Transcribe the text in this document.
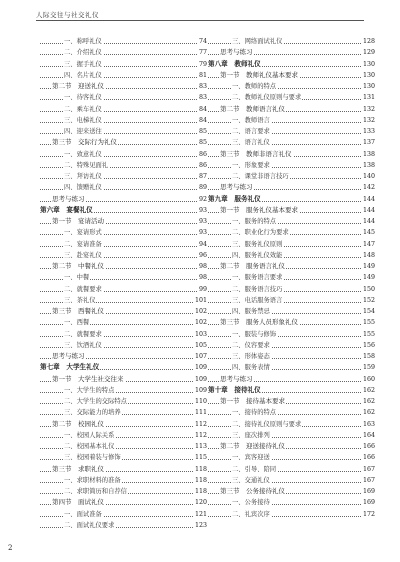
人际交往与社交礼仪
一、称呼礼仪	74
二、介绍礼仪	77
三、握手礼仪	79
四、名片礼仪	81
第二节　迎送礼仪	83
一、待客礼仪	83
二、乘车礼仪	84
三、电梯礼仪	84
四、迎来送往	85
第三节　交际行为礼仪	85
一、致意礼仪	86
二、特殊见面礼	86
三、拜访礼仪	87
四、馈赠礼仪	89
思考与练习	92
第六章　宴餐礼仪	93
第一节　宴请活动	93
一、宴请形式	93
二、宴请准备	94
三、赴宴礼仪	96
第二节　中餐礼仪	98
一、中餐	98
二、就餐要求	99
三、茶礼仪	101
第三节　西餐礼仪	102
一、西餐	102
二、就餐要求	103
三、饮酒礼仪	105
思考与练习	107
第七章　大学生礼仪	109
第一节　大学生社交往来	109
一、大学生的特点	109
二、大学生的交际特点	110
三、交际能力的培养	111
第二节　校园礼仪	112
一、校园人际关系	112
二、校园基本礼仪	113
三、校园着装与修饰	115
第三节　求职礼仪	118
一、求职材料的准备	118
二、求职简历和自荐信	118
第四节　面试礼仪	120
一、面试准备	121
二、面试礼仪要求	123
三、网络面试礼仪	128
思考与练习	129
第八章　教师礼仪	130
第一节　教师礼仪基本要求	130
一、教师的特点	130
二、教师礼仪原则与要求	131
第二节　教师语言礼仪	132
一、教师语言	132
二、语言要求	133
三、语言礼仪	137
第三节　教师非语言礼仪	138
一、形象要求	138
二、课堂非语言技巧	140
思考与练习	142
第九章　服务礼仪	144
第一节　服务礼仪基本要求	144
一、服务的特点	144
二、职业化行为要求	145
三、服务礼仪原则	147
四、服务礼仪效能	148
第二节　服务语言礼仪	149
一、服务语言要求	149
二、服务语言技巧	150
三、电话服务语言	152
四、服务禁忌	154
第三节　服务人员形象礼仪	155
一、服装与修饰	155
二、仪容要求	156
三、形体姿态	158
四、服务表情	159
思考与练习	160
第十章　接待礼仪	162
第一节　接待基本要求	162
一、接待的特点	162
二、接待礼仪原则与要求	163
三、座次排列	164
第二节　迎送接待礼仪	166
一、宾客迎送	166
二、引导、陪同	167
三、交通礼仪	167
第三节　公务接待礼仪	169
一、公务接待	169
二、礼宾次序	172
2
